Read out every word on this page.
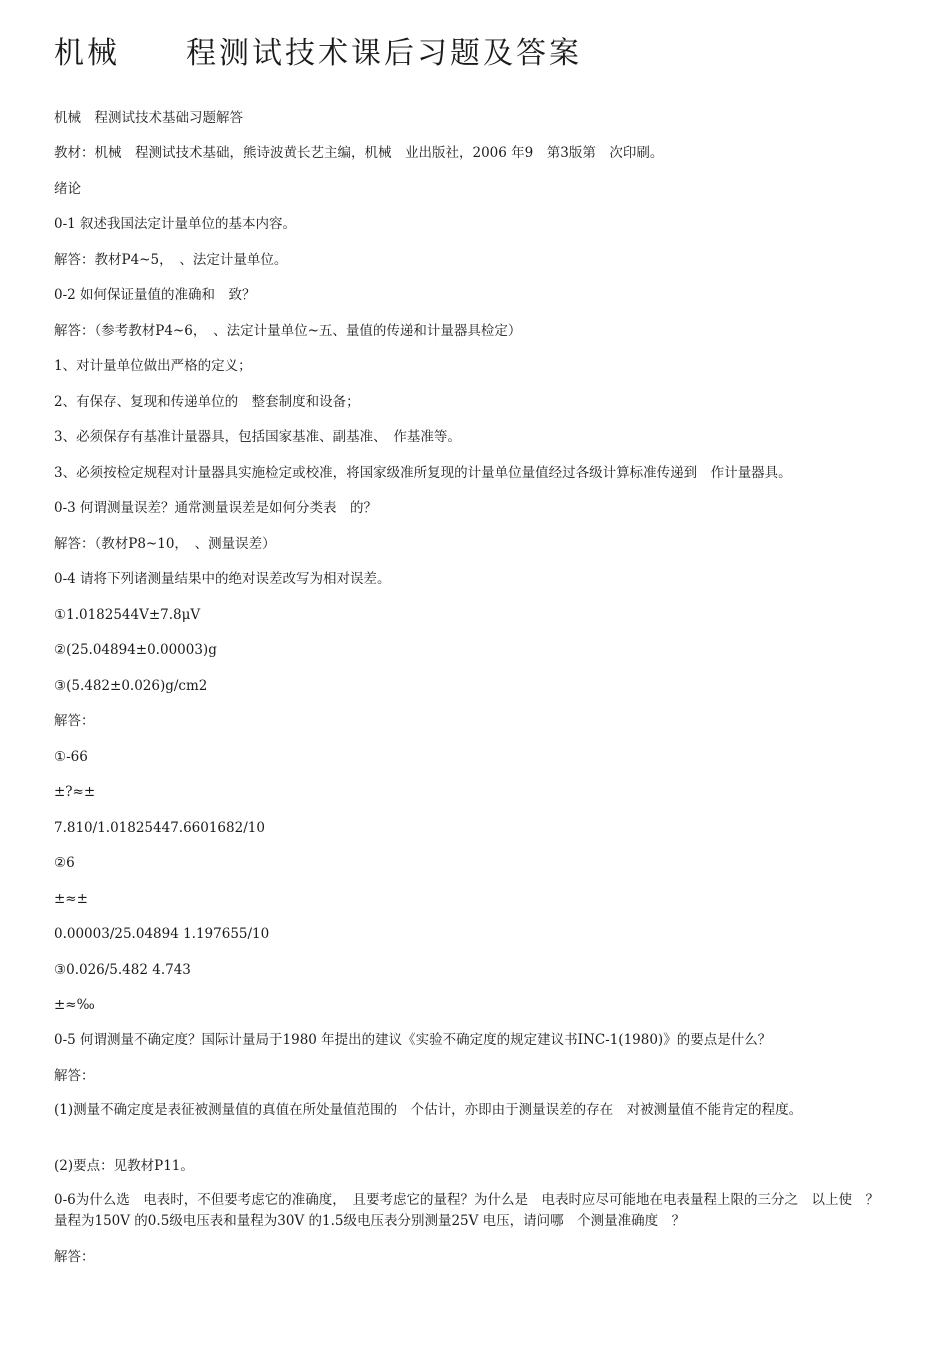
机械　　程测试技术课后习题及答案

机械　程测试技术基础习题解答

教材：机械　程测试技术基础，熊诗波黄长艺主编，机械　业出版社，2006 年9　第3版第　次印刷。

绪论

0-1 叙述我国法定计量单位的基本内容。

解答：教材P4~5，　、法定计量单位。

0-2 如何保证量值的准确和　致？

解答：（参考教材P4~6，　、法定计量单位~五、量值的传递和计量器具检定）

1、对计量单位做出严格的定义；

2、有保存、复现和传递单位的　整套制度和设备；

3、必须保存有基准计量器具，包括国家基准、副基准、　作基准等。

3、必须按检定规程对计量器具实施检定或校准，将国家级准所复现的计量单位量值经过各级计算标准传递到　作计量器具。

0-3 何谓测量误差？通常测量误差是如何分类表　的？

解答：（教材P8~10，　、测量误差）

0-4 请将下列诸测量结果中的绝对误差改写为相对误差。

①1.0182544V±7.8μV

②(25.04894±0.00003)g

③(5.482±0.026)g/cm2

解答：

①-66

±?≈±

7.810/1.01825447.6601682/10

②6

±≈±

0.00003/25.04894 1.197655/10

③0.026/5.482 4.743

±≈‰

0-5 何谓测量不确定度？国际计量局于1980 年提出的建议《实验不确定度的规定建议书INC-1(1980)》的要点是什么？

解答：

(1)测量不确定度是表征被测量值的真值在所处量值范围的　个估计，亦即由于测量误差的存在　对被测量值不能肯定的程度。

(2)要点：见教材P11。

0-6为什么选　电表时，不但要考虑它的准确度，　且要考虑它的量程？为什么是　电表时应尽可能地在电表量程上限的三分之　以上使　？　量程为150V 的0.5级电压表和量程为30V 的1.5级电压表分别测量25V 电压，请问哪　个测量准确度　？

解答：
